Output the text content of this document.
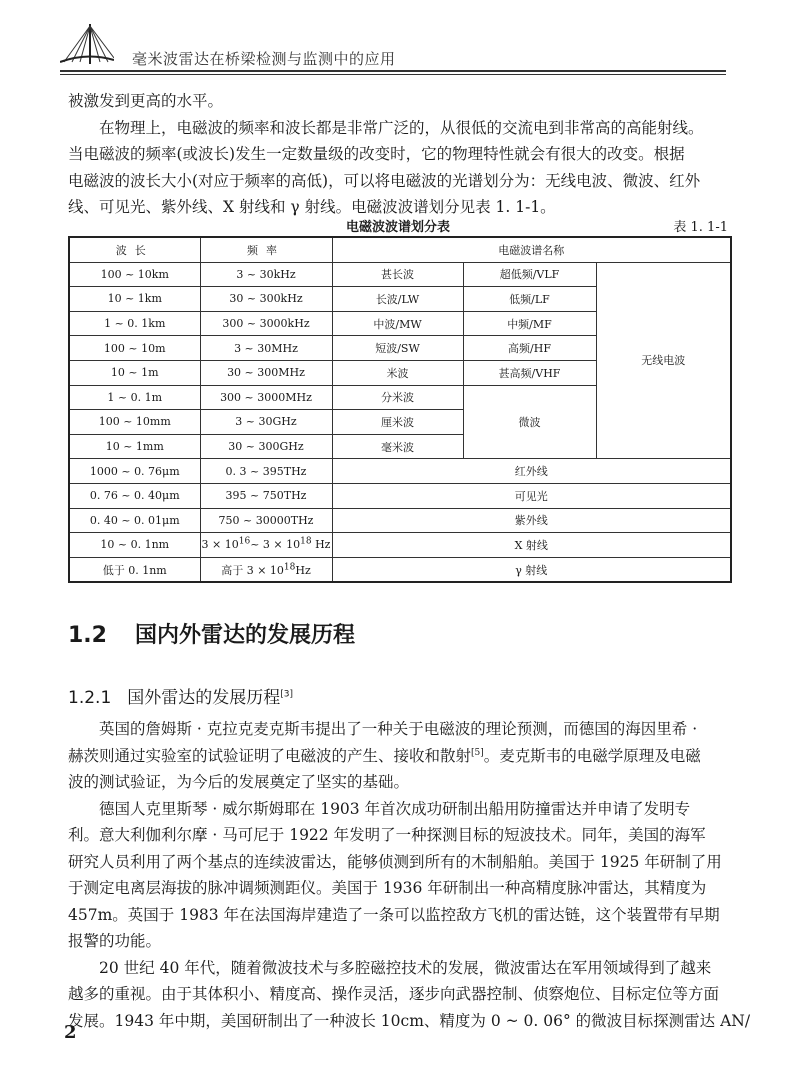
毫米波雷达在桥梁检测与监测中的应用
被激发到更高的水平。
在物理上，电磁波的频率和波长都是非常广泛的，从很低的交流电到非常高的高能射线。
当电磁波的频率(或波长)发生一定数量级的改变时，它的物理特性就会有很大的改变。根据
电磁波的波长大小(对应于频率的高低)，可以将电磁波的光谱划分为：无线电波、微波、红外
线、可见光、紫外线、X 射线和 γ 射线。电磁波波谱划分见表 1. 1-1。
电磁波波谱划分表	表 1. 1-1
波长	频率	电磁波谱名称		
100 ~ 10km	3 ~ 30kHz	甚长波	超低频/VLF	无线电波
10 ~ 1km	30 ~ 300kHz	长波/LW	低频/LF	
1 ~ 0. 1km	300 ~ 3000kHz	中波/MW	中频/MF	
100 ~ 10m	3 ~ 30MHz	短波/SW	高频/HF	
10 ~ 1m	30 ~ 300MHz	米波	甚高频/VHF	
1 ~ 0. 1m	300 ~ 3000MHz	分米波	微波	
100 ~ 10mm	3 ~ 30GHz	厘米波		
10 ~ 1mm	30 ~ 300GHz	毫米波		
1000 ~ 0. 76μm	0. 3 ~ 395THz	红外线		
0. 76 ~ 0. 40μm	395 ~ 750THz	可见光		
0. 40 ~ 0. 01μm	750 ~ 30000THz	紫外线		
10 ~ 0. 1nm	$3 \times 10^{16}\sim$ $3 \times 10^{18}$ Hz	X 射线		
低于 0. 1nm	高于 $3 \times 10^{18}Hz$	γ 射线		
1.2 国内外雷达的发展历程
1.2.1 国外雷达的发展历程[3]
英国的詹姆斯 · 克拉克麦克斯韦提出了一种关于电磁波的理论预测，而德国的海因里希 ·
赫茨则通过实验室的试验证明了电磁波的产生、接收和散射[5]。麦克斯韦的电磁学原理及电磁
波的测试验证，为今后的发展奠定了坚实的基础。
德国人克里斯琴 · 威尔斯姆耶在 1903 年首次成功研制出船用防撞雷达并申请了发明专
利。意大利伽利尔摩 · 马可尼于 1922 年发明了一种探测目标的短波技术。同年，美国的海军
研究人员利用了两个基点的连续波雷达，能够侦测到所有的木制船舶。美国于 1925 年研制了用
于测定电离层海拔的脉冲调频测距仪。美国于 1936 年研制出一种高精度脉冲雷达，其精度为
457m。英国于 1983 年在法国海岸建造了一条可以监控敌方飞机的雷达链，这个装置带有早期
报警的功能。
20 世纪 40 年代，随着微波技术与多腔磁控技术的发展，微波雷达在军用领域得到了越来
越多的重视。由于其体积小、精度高、操作灵活，逐步向武器控制、侦察炮位、目标定位等方面
发展。1943 年中期，美国研制出了一种波长 10cm、精度为 0 ~ 0. 06° 的微波目标探测雷达 AN/
2
